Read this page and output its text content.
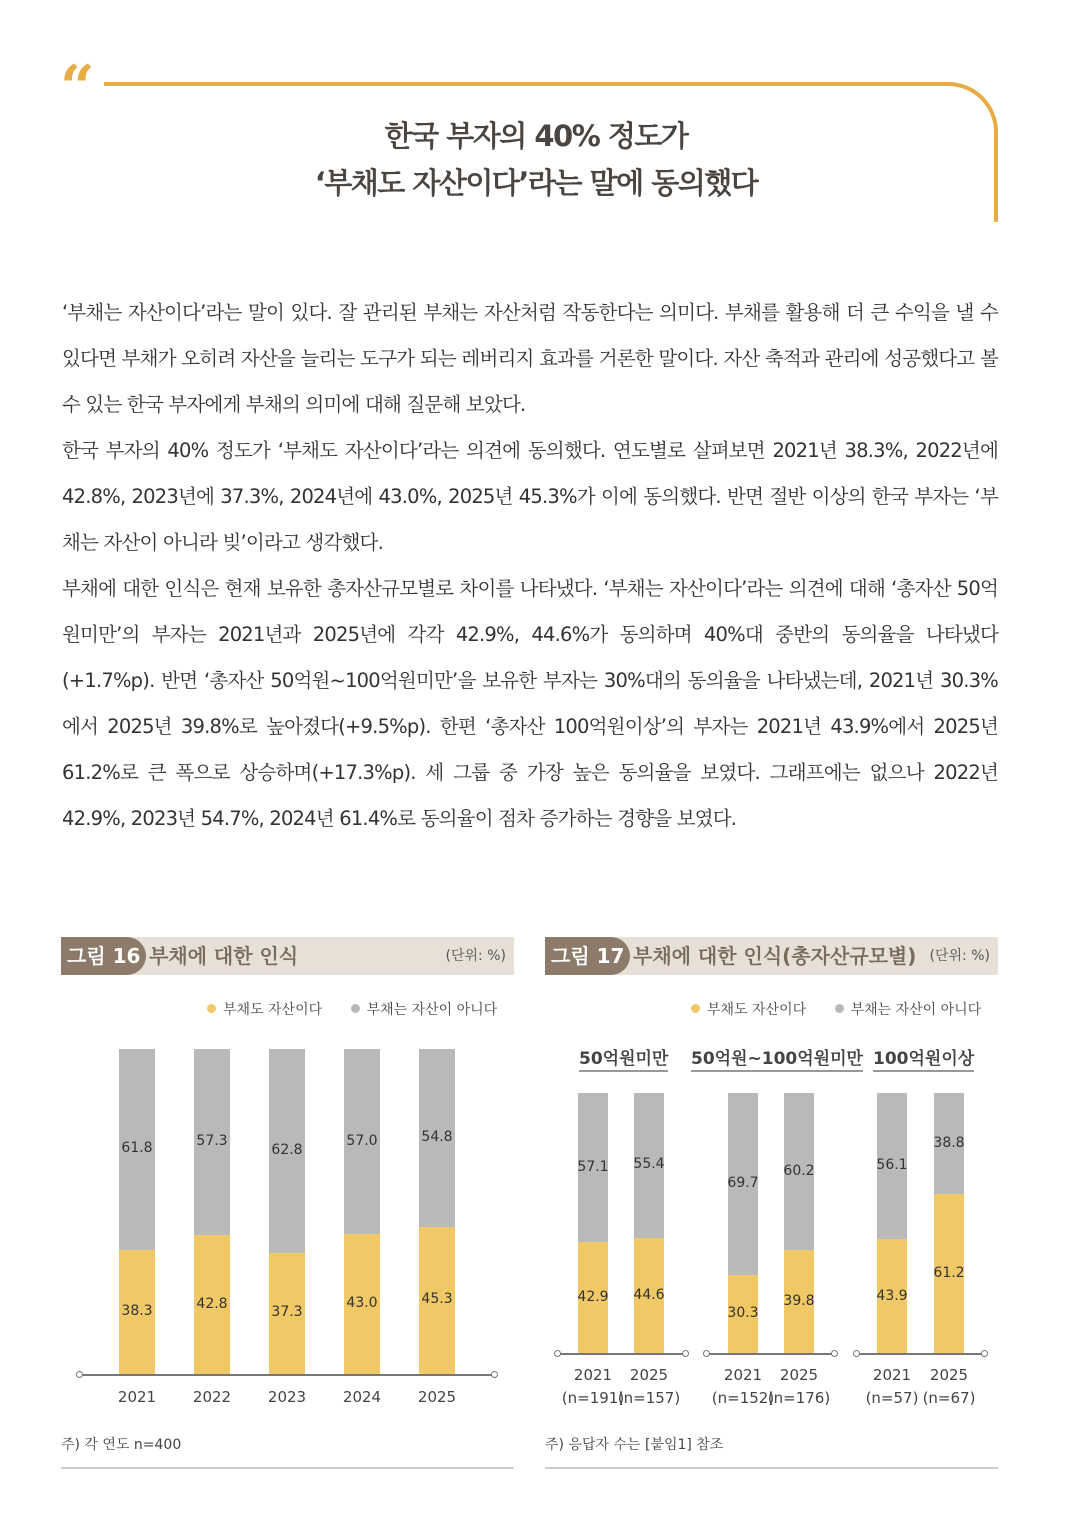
“
한국 부자의 40% 정도가
‘부채도 자산이다’라는 말에 동의했다

‘부채는 자산이다’라는 말이 있다. 잘 관리된 부채는 자산처럼 작동한다는 의미다. 부채를 활용해 더 큰 수익을 낼 수 있다면 부채가 오히려 자산을 늘리는 도구가 되는 레버리지 효과를 거론한 말이다. 자산 축적과 관리에 성공했다고 볼 수 있는 한국 부자에게 부채의 의미에 대해 질문해 보았다.

한국 부자의 40% 정도가 ‘부채도 자산이다’라는 의견에 동의했다. 연도별로 살펴보면 2021년 38.3%, 2022년에 42.8%, 2023년에 37.3%, 2024년에 43.0%, 2025년 45.3%가 이에 동의했다. 반면 절반 이상의 한국 부자는 ‘부채는 자산이 아니라 빚’이라고 생각했다.

부채에 대한 인식은 현재 보유한 총자산규모별로 차이를 나타냈다. ‘부채는 자산이다’라는 의견에 대해 ‘총자산 50억원미만’의 부자는 2021년과 2025년에 각각 42.9%, 44.6%가 동의하며 40%대 중반의 동의율을 나타냈다(+1.7%p). 반면 ‘총자산 50억원~100억원미만’을 보유한 부자는 30%대의 동의율을 나타냈는데, 2021년 30.3%에서 2025년 39.8%로 높아졌다(+9.5%p). 한편 ‘총자산 100억원이상’의 부자는 2021년 43.9%에서 2025년 61.2%로 큰 폭으로 상승하며(+17.3%p). 세 그룹 중 가장 높은 동의율을 보였다. 그래프에는 없으나 2022년 42.9%, 2023년 54.7%, 2024년 61.4%로 동의율이 점차 증가하는 경향을 보였다.

그림 16 부채에 대한 인식	(단위: %)
부채도 자산이다	부채는 자산이 아니다
38.3
61.8
2021
42.8
57.3
2022
37.3
62.8
2023
43.0
57.0
2024
45.3
54.8
2025
주) 각 연도 n=400
그림 17 부채에 대한 인식(총자산규모별) (단위: %)
부채도 자산이다	부채는 자산이 아니다
50억원미만 50억원~100억원미만 100억원이상
42.9
57.1
2021
(n=191)
44.6
55.4
2025
(n=157)
30.3
69.7
2021
(n=152)
39.8
60.2
2025
(n=176)
43.9
56.1
2021
(n=57)
61.2
38.8
2025
(n=67)
주) 응답자 수는 [붙임1] 참조
